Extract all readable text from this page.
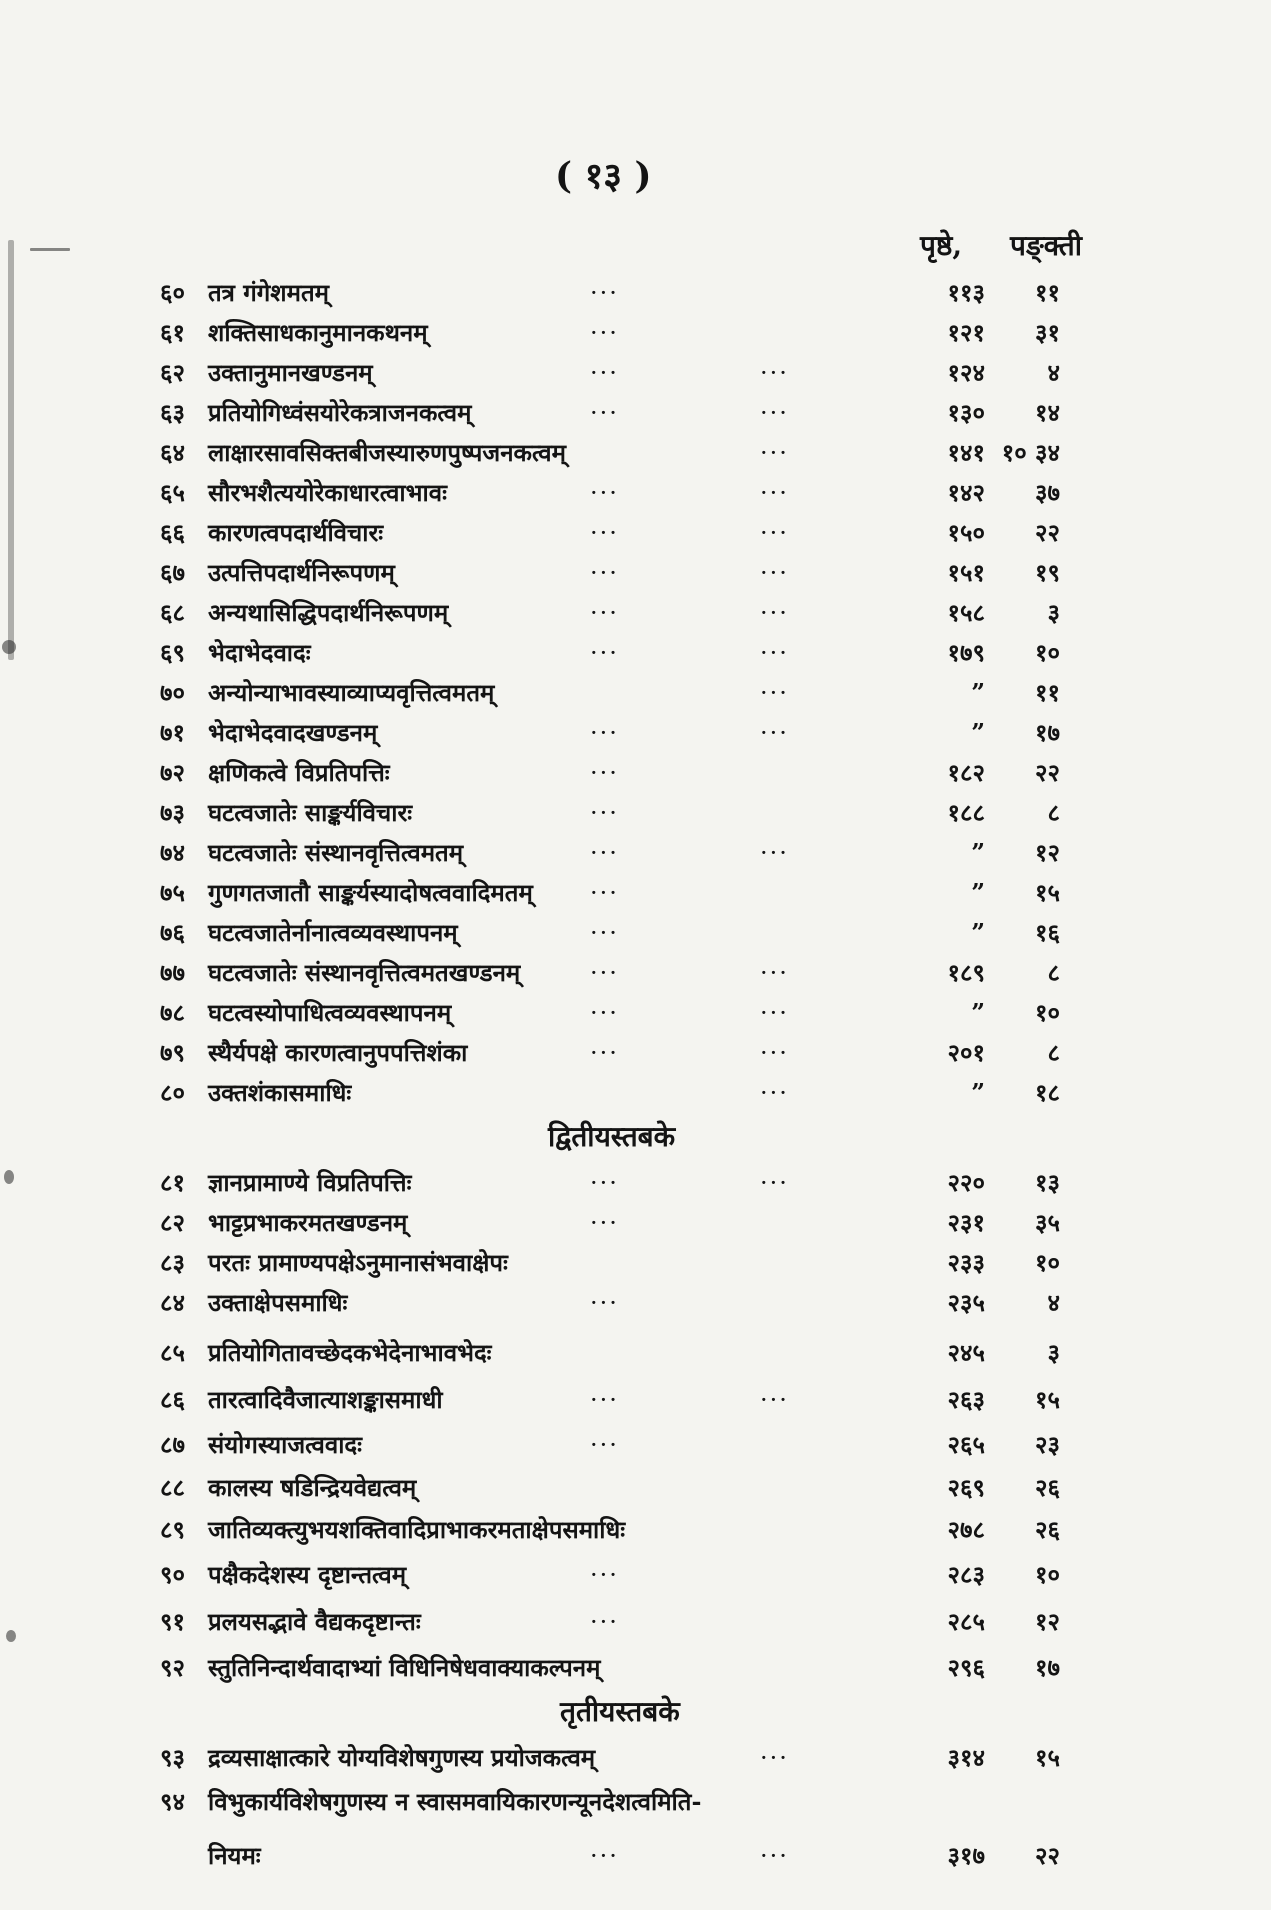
( १३ )
पृष्ठे, पङ्क्ती
६० तत्र गंगेशमतम्	···	११३	११
६१ शक्तिसाधकानुमानकथनम्	···	१२१	३१
६२ उक्तानुमानखण्डनम्	···	···	१२४	४
६३ प्रतियोगिध्वंसयोरेकत्राजनकत्वम्	···	···	१३०	१४
६४ लाक्षारसावसिक्तबीजस्यारुणपुष्पजनकत्वम्	···	१४१ १० ३४
६५ सौरभशैत्ययोरेकाधारत्वाभावः	···	···	१४२	३७
६६ कारणत्वपदार्थविचारः	···	···	१५०	२२
६७ उत्पत्तिपदार्थनिरूपणम्	···	···	१५१	१९
६८ अन्यथासिद्धिपदार्थनिरूपणम्	···	···	१५८	३
६९ भेदाभेदवादः	···	···	१७९	१०
७० अन्योन्याभावस्याव्याप्यवृत्तित्वमतम्	···	”	११
७१ भेदाभेदवादखण्डनम्	···	···	”	१७
७२ क्षणिकत्वे विप्रतिपत्तिः	···	१८२	२२
७३ घटत्वजातेः साङ्कर्यविचारः	···	१८८	८
७४ घटत्वजातेः संस्थानवृत्तित्वमतम्	···	···	”	१२
७५ गुणगतजातौ साङ्कर्यस्यादोषत्ववादिमतम् ···	”	१५
७६ घटत्वजातेर्नानात्वव्यवस्थापनम्	···	”	१६
७७ घटत्वजातेः संस्थानवृत्तित्वमतखण्डनम्	···	···	१८९	८
७८ घटत्वस्योपाधित्वव्यवस्थापनम्	···	···	”	१०
७९ स्थैर्यपक्षे कारणत्वानुपपत्तिशंका	···	···	२०१	८
८० उक्तशंकासमाधिः	···	”	१८
द्वितीयस्तबके
८१ ज्ञानप्रामाण्ये विप्रतिपत्तिः	···	···	२२०	१३
८२ भाट्टप्रभाकरमतखण्डनम्	···	२३१	३५
८३ परतः प्रामाण्यपक्षेऽनुमानासंभवाक्षेपः	२३३	१०
८४ उक्ताक्षेपसमाधिः	···	२३५	४
८५ प्रतियोगितावच्छेदकभेदेनाभावभेदः	२४५	३
८६ तारत्वादिवैजात्याशङ्कासमाधी	···	···	२६३	१५
८७ संयोगस्याजत्ववादः	···	२६५	२३
८८ कालस्य षडिन्द्रियवेद्यत्वम्	२६९	२६
८९ जातिव्यक्त्युभयशक्तिवादिप्राभाकरमताक्षेपसमाधिः	२७८	२६
९० पक्षैकदेशस्य दृष्टान्तत्वम्	···	२८३	१०
९१ प्रलयसद्भावे वैद्यकदृष्टान्तः	···	२८५	१२
९२ स्तुतिनिन्दार्थवादाभ्यां विधिनिषेधवाक्याकल्पनम्	२९६	१७
तृतीयस्तबके
९३ द्रव्यसाक्षात्कारे योग्यविशेषगुणस्य प्रयोजकत्वम्	···	३१४	१५
९४ विभुकार्यविशेषगुणस्य न स्वासमवायिकारणन्यूनदेशत्वमिति-
नियमः	···	···	३१७	२२
